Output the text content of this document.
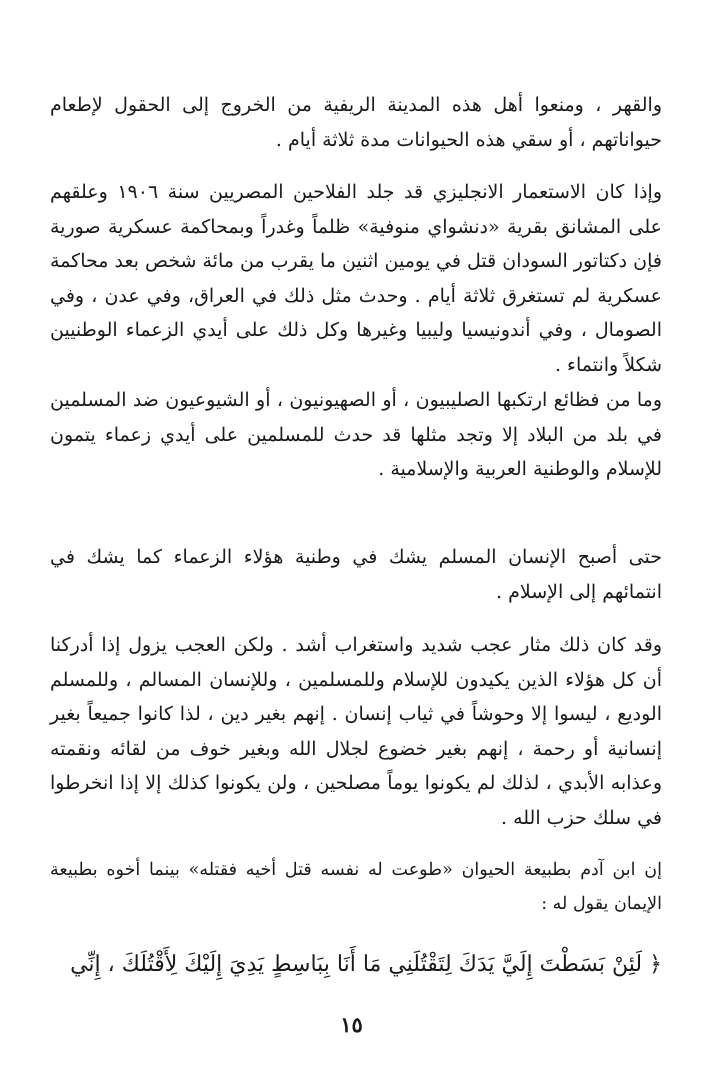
والقهر ، ومنعوا أهل هذه المدينة الريفية من الخروج إلى الحقول لإطعام حيواناتهم ، أو سقي هذه الحيوانات مدة ثلاثة أيام .

وإذا كان الاستعمار الانجليزي قد جلد الفلاحين المصريين سنة ١٩٠٦ وعلقهم على المشانق بقرية «دنشواي منوفية» ظلماً وغدراً وبمحاكمة عسكرية صورية فإن دكتاتور السودان قتل في يومين اثنين ما يقرب من مائة شخص بعد محاكمة عسكرية لم تستغرق ثلاثة أيام . وحدث مثل ذلك في العراق، وفي عدن ، وفي الصومال ، وفي أندونيسيا وليبيا وغيرها وكل ذلك على أيدي الزعماء الوطنيين شكلاً وانتماء .

وما من فظائع ارتكبها الصليبيون ، أو الصهيونيون ، أو الشيوعيون ضد المسلمين في بلد من البلاد إلا وتجد مثلها قد حدث للمسلمين على أيدي زعماء يتمون للإسلام والوطنية العربية والإسلامية .

حتى أصبح الإنسان المسلم يشك في وطنية هؤلاء الزعماء كما يشك في انتمائهم إلى الإسلام .

وقد كان ذلك مثار عجب شديد واستغراب أشد . ولكن العجب يزول إذا أدركنا أن كل هؤلاء الذين يكيدون للإسلام وللمسلمين ، وللإنسان المسالم ، وللمسلم الوديع ، ليسوا إلا وحوشاً في ثياب إنسان . إنهم بغير دين ، لذا كانوا جميعاً بغير إنسانية أو رحمة ، إنهم بغير خضوع لجلال الله وبغير خوف من لقائه ونقمته وعذابه الأبدي ، لذلك لم يكونوا يوماً مصلحين ، ولن يكونوا كذلك إلا إذا انخرطوا في سلك حزب الله .

إن ابن آدم بطبيعة الحيوان «طوعت له نفسه قتل أخيه فقتله» بينما أخوه بطبيعة الإيمان يقول له :

﴿ لَئِنْ بَسَطْتَ إِلَيَّ يَدَكَ لِتَقْتُلَنِي مَا أَنَا بِبَاسِطٍ يَدِيَ إِلَيْكَ لِأَقْتُلَكَ ، إِنِّي

١٥
